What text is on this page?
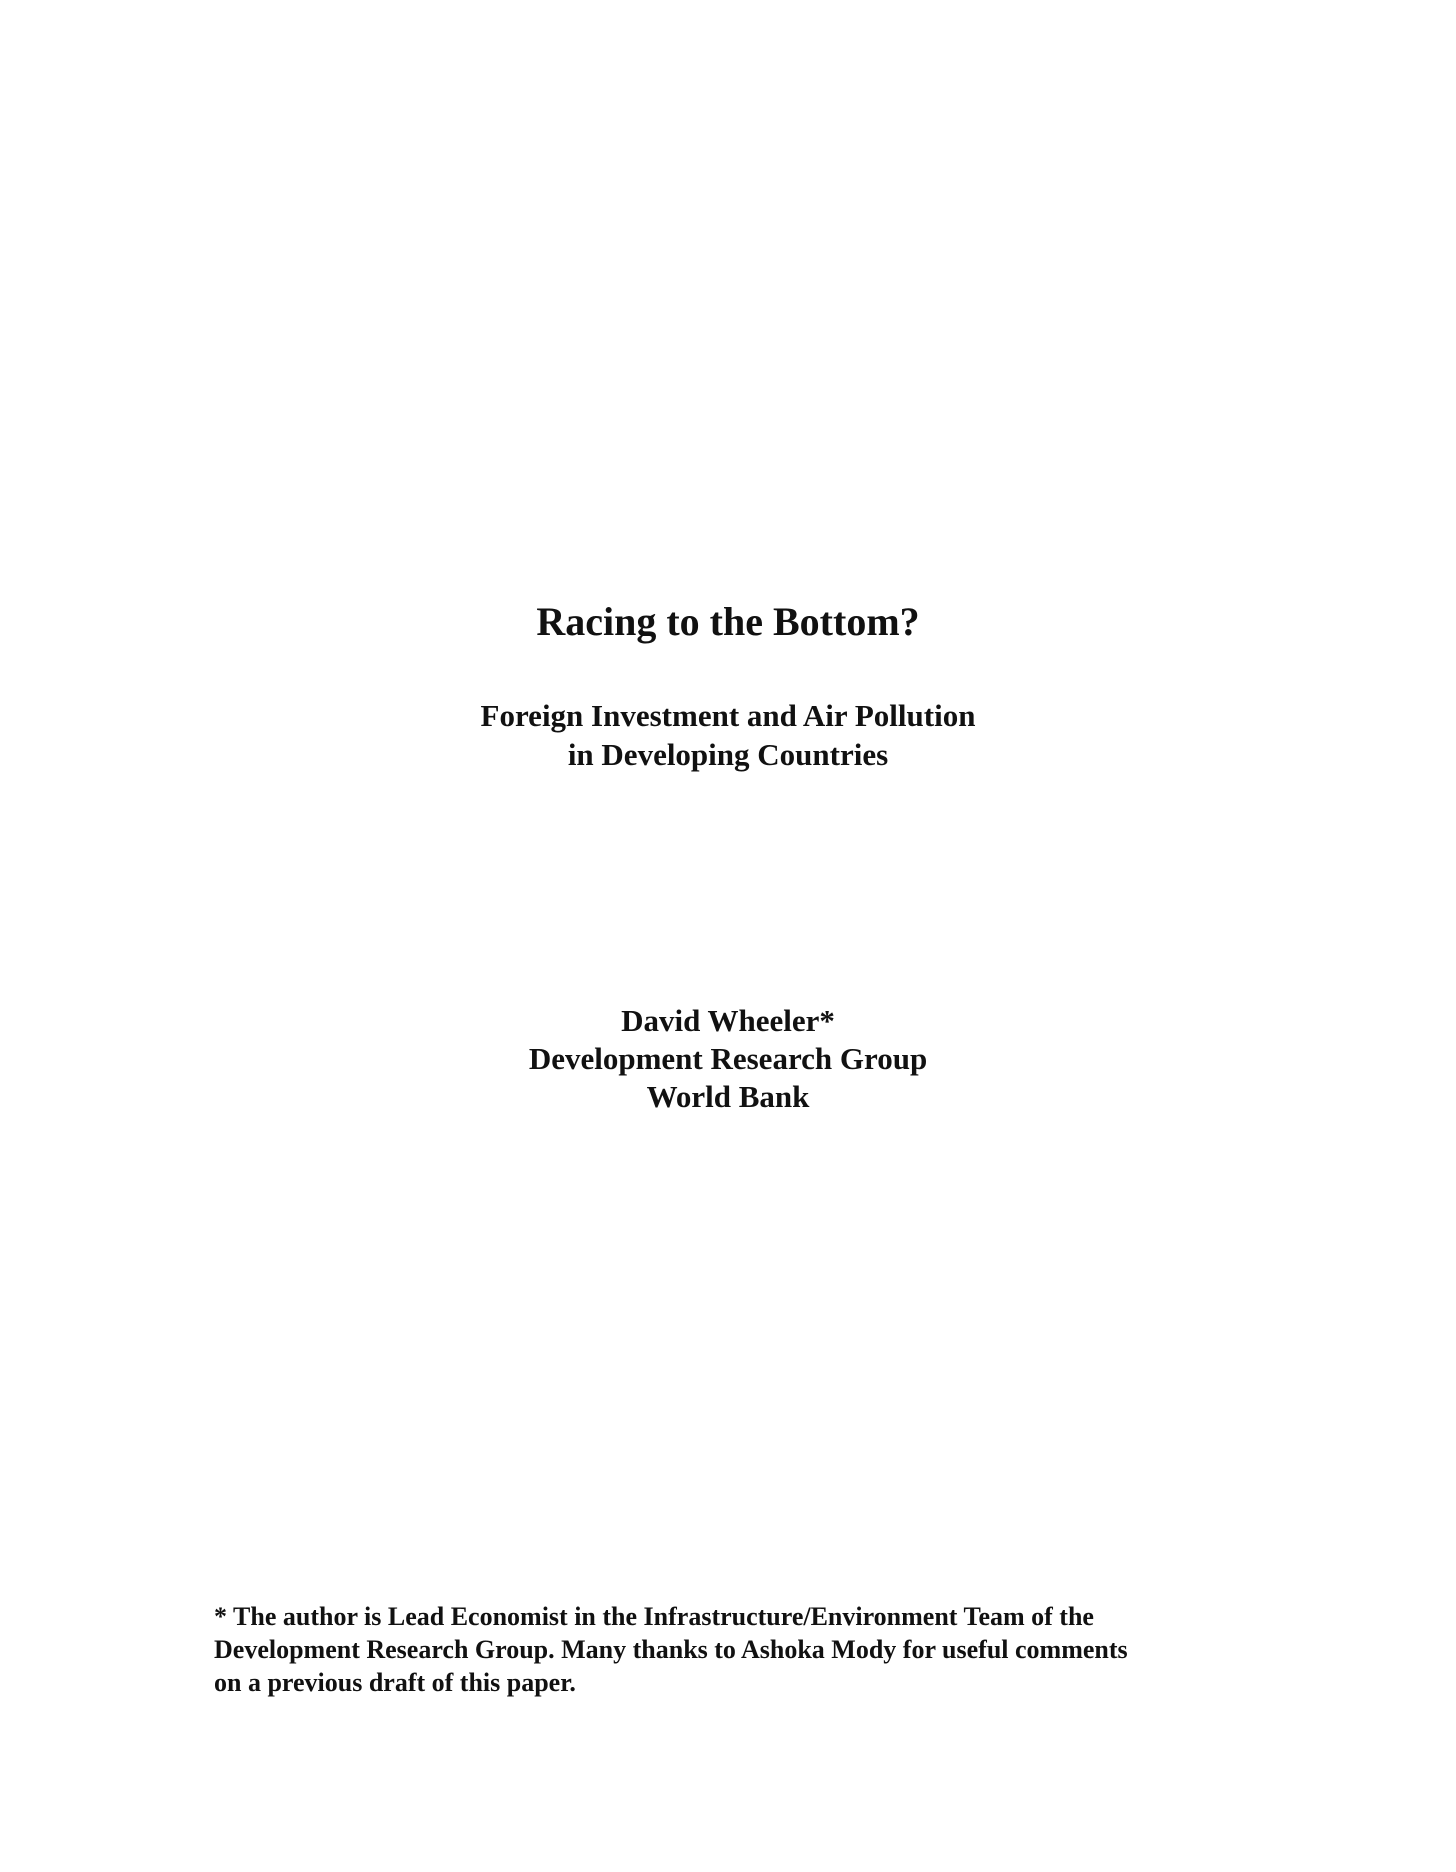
Racing to the Bottom?
Foreign Investment and Air Pollution
in Developing Countries
David Wheeler*
Development Research Group
World Bank
* The author is Lead Economist in the Infrastructure/Environment Team of the
Development Research Group. Many thanks to Ashoka Mody for useful comments
on a previous draft of this paper.
